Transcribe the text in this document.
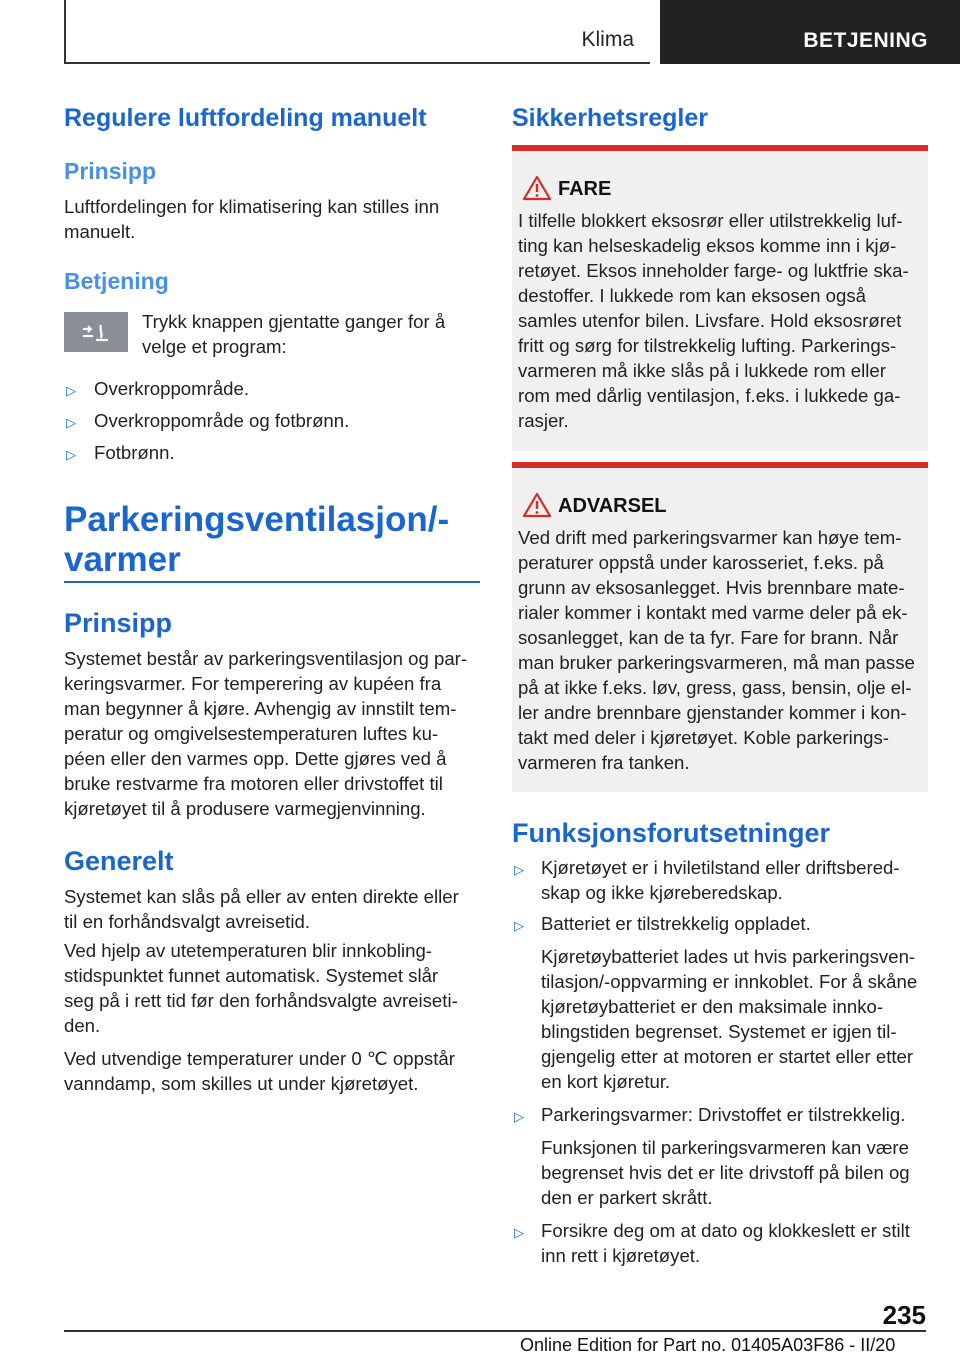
Klima	BETJENING
Regulere luftfordeling manuelt
Prinsipp
Luftfordelingen for klimatisering kan stilles inn
manuelt.
Betjening
Trykk knappen gjentatte ganger for å
velge et program:
▷ Overkroppområde.
▷ Overkroppområde og fotbrønn.
▷ Fotbrønn.
Parkeringsventilasjon/‐
varmer
Prinsipp
Systemet består av parkeringsventilasjon og par‐
keringsvarmer. For temperering av kupéen fra
man begynner å kjøre. Avhengig av innstilt tem‐
peratur og omgivelsestemperaturen luftes ku‐
péen eller den varmes opp. Dette gjøres ved å
bruke restvarme fra motoren eller drivstoffet til
kjøretøyet til å produsere varmegjenvinning.
Generelt
Systemet kan slås på eller av enten direkte eller
til en forhåndsvalgt avreisetid.
Ved hjelp av utetemperaturen blir innkobling‐
stidspunktet funnet automatisk. Systemet slår
seg på i rett tid før den forhåndsvalgte avreiseti‐
den.
Ved utvendige temperaturer under 0 ℃ oppstår
vanndamp, som skilles ut under kjøretøyet.
Sikkerhetsregler
FARE
I tilfelle blokkert eksosrør eller utilstrekkelig luf‐
ting kan helseskadelig eksos komme inn i kjø‐
retøyet. Eksos inneholder farge- og luktfrie ska‐
destoffer. I lukkede rom kan eksosen også
samles utenfor bilen. Livsfare. Hold eksosrøret
fritt og sørg for tilstrekkelig lufting. Parkerings‐
varmeren må ikke slås på i lukkede rom eller
rom med dårlig ventilasjon, f.eks. i lukkede ga‐
rasjer.
ADVARSEL
Ved drift med parkeringsvarmer kan høye tem‐
peraturer oppstå under karosseriet, f.eks. på
grunn av eksosanlegget. Hvis brennbare mate‐
rialer kommer i kontakt med varme deler på ek‐
sosanlegget, kan de ta fyr. Fare for brann. Når
man bruker parkeringsvarmeren, må man passe
på at ikke f.eks. løv, gress, gass, bensin, olje el‐
ler andre brennbare gjenstander kommer i kon‐
takt med deler i kjøretøyet. Koble parkerings‐
varmeren fra tanken.
Funksjonsforutsetninger
▷ Kjøretøyet er i hviletilstand eller driftsbered‐
skap og ikke kjøreberedskap.
▷ Batteriet er tilstrekkelig oppladet.
Kjøretøybatteriet lades ut hvis parkeringsven‐
tilasjon/-oppvarming er innkoblet. For å skåne
kjøretøybatteriet er den maksimale innko‐
blingstiden begrenset. Systemet er igjen til‐
gjengelig etter at motoren er startet eller etter
en kort kjøretur.
▷ Parkeringsvarmer: Drivstoffet er tilstrekkelig.
Funksjonen til parkeringsvarmeren kan være
begrenset hvis det er lite drivstoff på bilen og
den er parkert skrått.
▷ Forsikre deg om at dato og klokkeslett er stilt
inn rett i kjøretøyet.
235
Online Edition for Part no. 01405A03F86 - II/20
